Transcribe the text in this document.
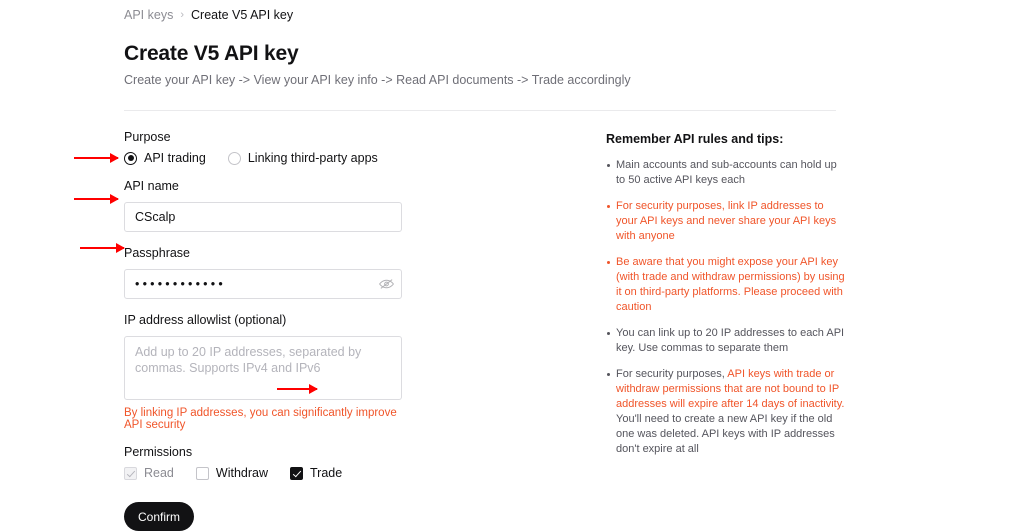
API keys › Create V5 API key
Create V5 API key
Create your API key -> View your API key info -> Read API documents -> Trade accordingly
Purpose
API trading	Linking third-party apps
API name
CScalp
Passphrase
••••••••••••
IP address allowlist (optional)
Add up to 20 IP addresses, separated by commas. Supports IPv4 and IPv6
By linking IP addresses, you can significantly improve API security
Permissions
Read	Withdraw	Trade
Confirm
Remember API rules and tips:
Main accounts and sub-accounts can hold up to 50 active API keys each
For security purposes, link IP addresses to your API keys and never share your API keys with anyone
Be aware that you might expose your API key (with trade and withdraw permissions) by using it on third-party platforms. Please proceed with caution
You can link up to 20 IP addresses to each API key. Use commas to separate them
For security purposes, API keys with trade or withdraw permissions that are not bound to IP addresses will expire after 14 days of inactivity. You'll need to create a new API key if the old one was deleted. API keys with IP addresses don't expire at all
